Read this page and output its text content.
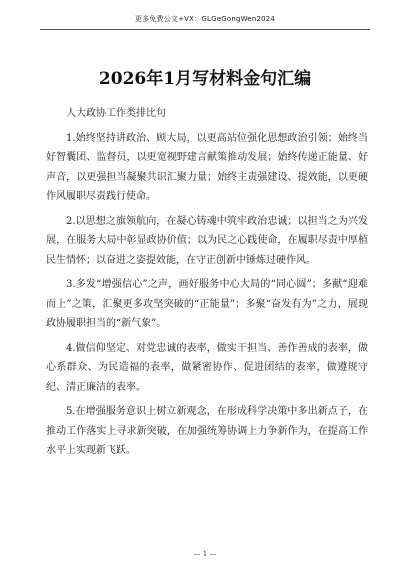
更多免费公文+VX：GLGeGongWen2024
2026年1月写材料金句汇编

人大政协工作类排比句

1.始终坚持讲政治、顾大局，以更高站位强化思想政治引领；始终当好智囊团、监督员，以更宽视野建言献策推动发展；始终传递正能量、好声音，以更强担当凝聚共识汇聚力量；始终主责强建设、提效能，以更硬作风履职尽责践行使命。

2.以思想之旗领航向，在凝心铸魂中筑牢政治忠诚；以担当之为兴发展，在服务大局中彰显政协价值；以为民之心践使命，在履职尽责中厚植民生情怀；以奋进之姿提效能，在守正创新中锤炼过硬作风。

3.多发“增强信心”之声，画好服务中心大局的“同心圆”；多献“迎难而上”之策，汇聚更多攻坚突破的“正能量”；多聚“奋发有为”之力，展现政协履职担当的“新气象”。

4.做信仰坚定、对党忠诚的表率，做实干担当、善作善成的表率，做心系群众、为民造福的表率，做紧密协作、促进团结的表率，做遵规守纪、清正廉洁的表率。

5.在增强服务意识上树立新观念，在形成科学决策中多出新点子，在推动工作落实上寻求新突破，在加强统筹协调上力争新作为，在提高工作水平上实现新飞跃。

— 1 —
